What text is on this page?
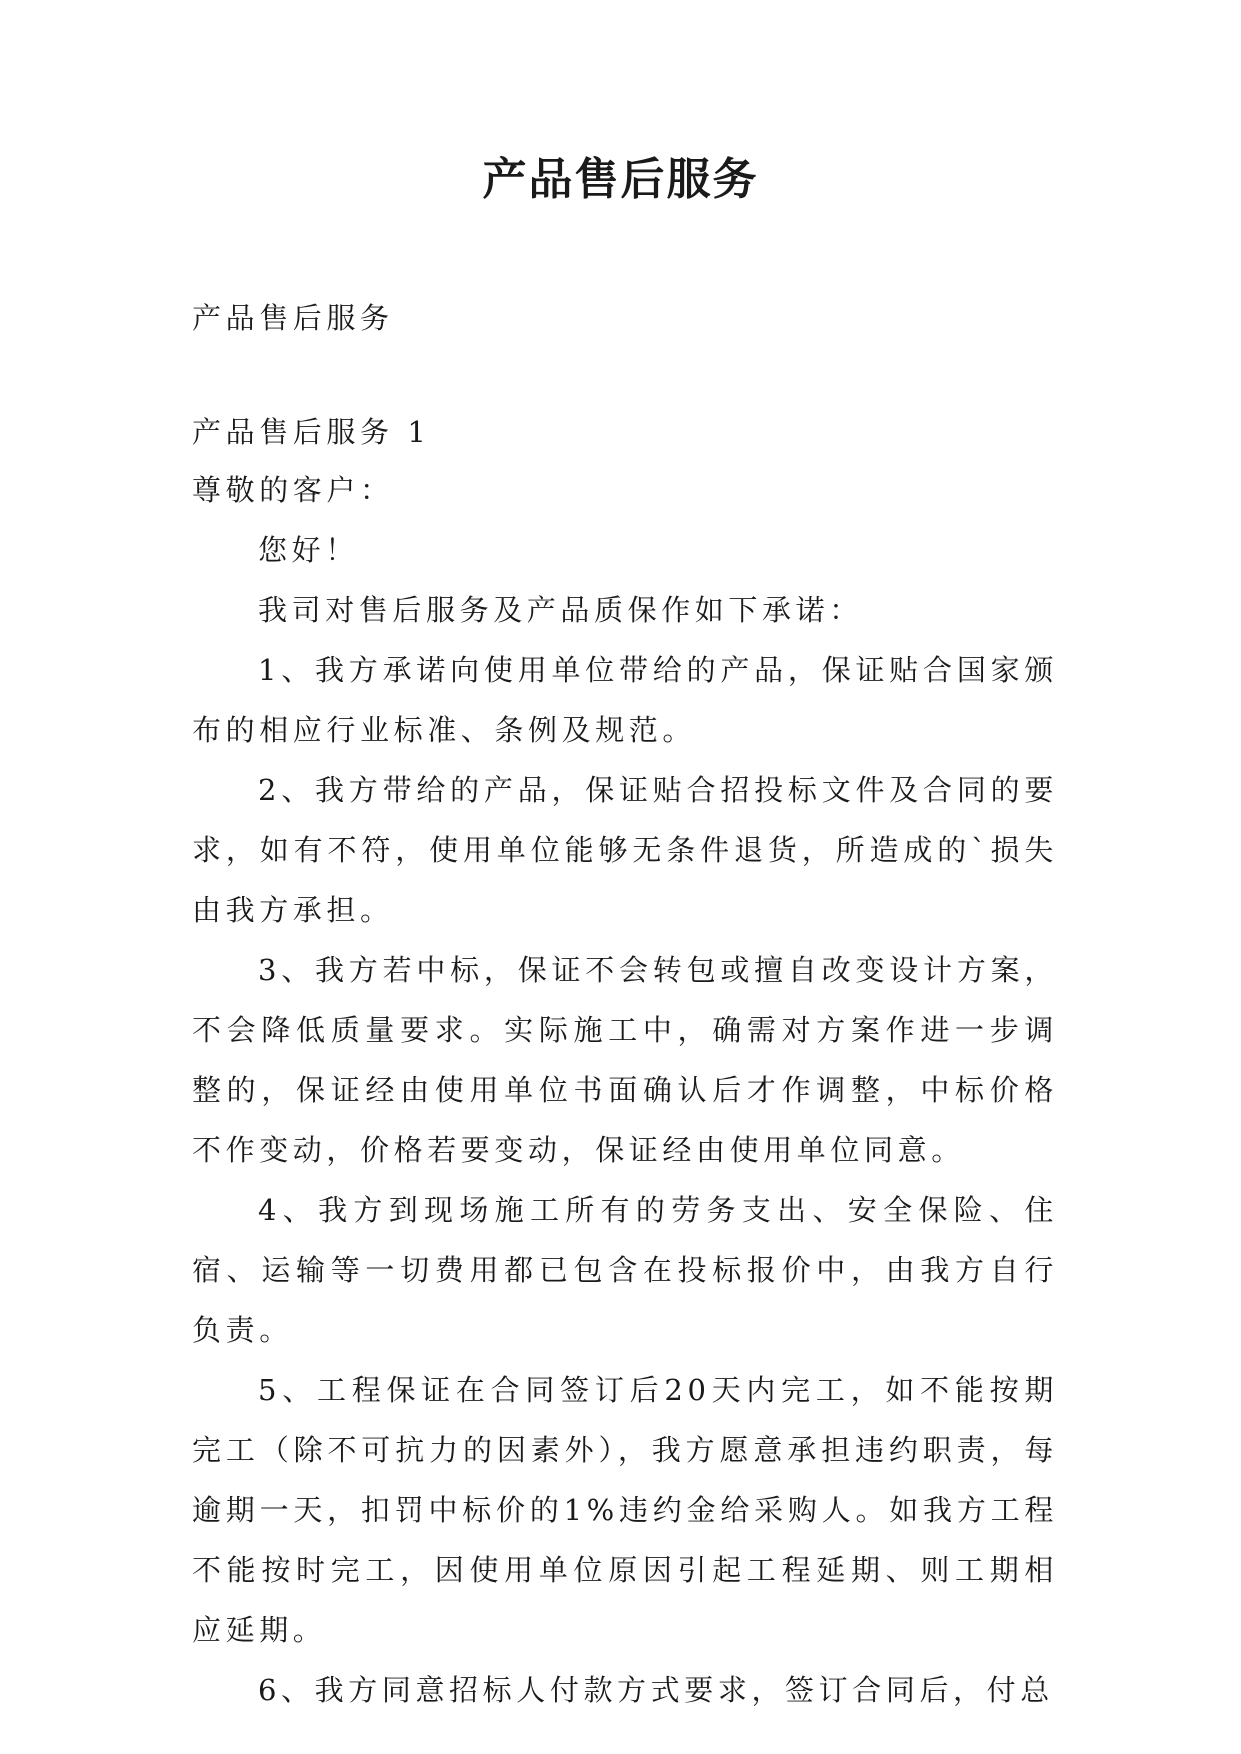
产品售后服务
产品售后服务
产品售后服务 1
尊敬的客户：

您好！

我司对售后服务及产品质保作如下承诺：

1、我方承诺向使用单位带给的产品，保证贴合国家颁布的相应行业标准、条例及规范。

2、我方带给的产品，保证贴合招投标文件及合同的要求，如有不符，使用单位能够无条件退货，所造成的`损失由我方承担。

3、我方若中标，保证不会转包或擅自改变设计方案，不会降低质量要求。实际施工中，确需对方案作进一步调整的，保证经由使用单位书面确认后才作调整，中标价格不作变动，价格若要变动，保证经由使用单位同意。

4、我方到现场施工所有的劳务支出、安全保险、住宿、运输等一切费用都已包含在投标报价中，由我方自行负责。

5、工程保证在合同签订后20天内完工，如不能按期完工（除不可抗力的因素外），我方愿意承担违约职责，每逾期一天，扣罚中标价的1%违约金给采购人。如我方工程不能按时完工，因使用单位原因引起工程延期、则工期相应延期。

6、我方同意招标人付款方式要求，签订合同后，付总
